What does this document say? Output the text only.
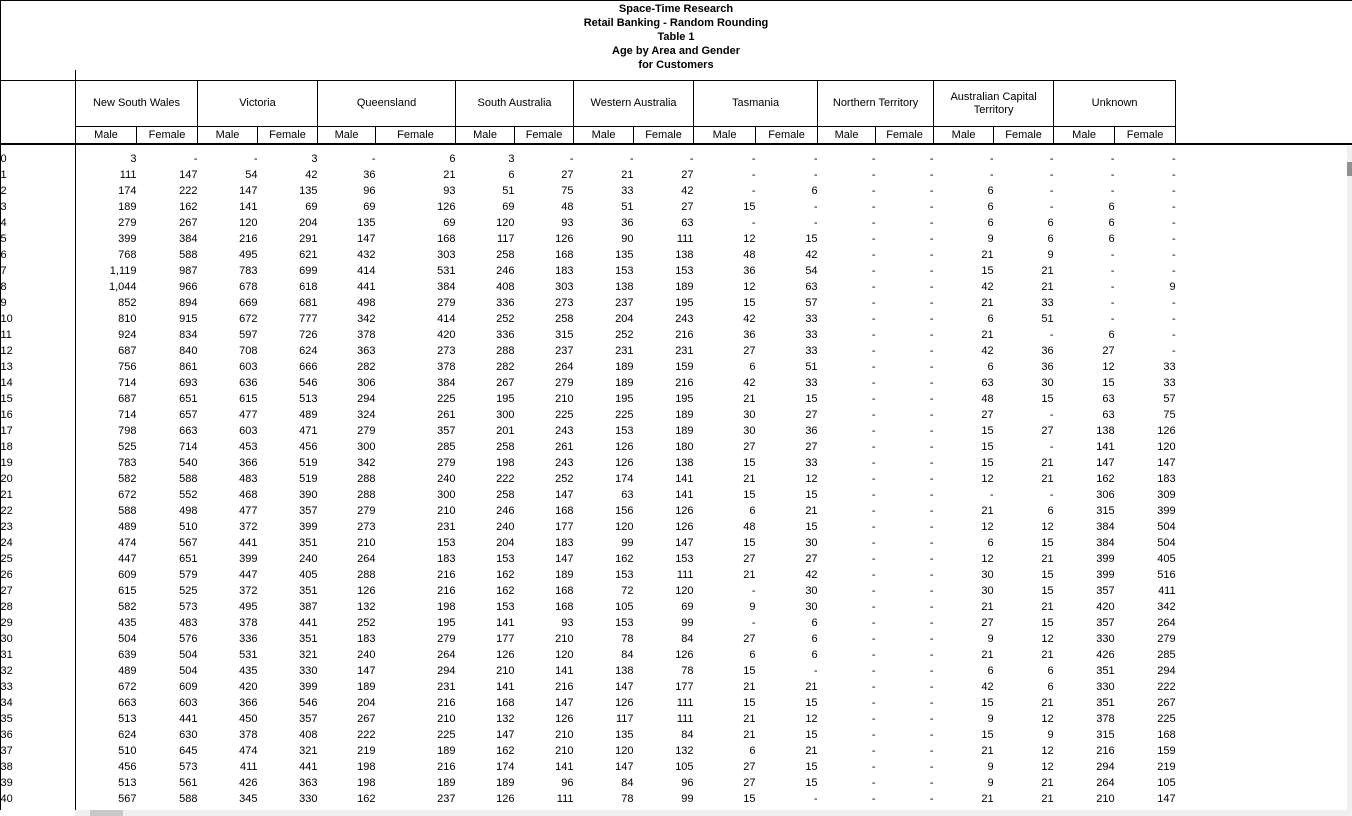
Space-Time Research
Retail Banking - Random Rounding
Table 1
Age by Area and Gender
for Customers
	New South Wales		Victoria		Queensland		South Australia		Western Australia		Tasmania		Northern Territory		Australian Capital Territory		Unknown	
	Male	Female	Male	Female	Male	Female	Male	Female	Male	Female	Male	Female	Male	Female	Male	Female	Male	Female

0	3	-	-	3	-	6	3	-	-	-	-	-	-	-	-	-	-	-
1	111	147	54	42	36	21	6	27	21	27	-	-	-	-	-	-	-	-
2	174	222	147	135	96	93	51	75	33	42	-	6	-	-	6	-	-	-
3	189	162	141	69	69	126	69	48	51	27	15	-	-	-	6	-	6	-
4	279	267	120	204	135	69	120	93	36	63	-	-	-	-	6	6	6	-
5	399	384	216	291	147	168	117	126	90	111	12	15	-	-	9	6	6	-
6	768	588	495	621	432	303	258	168	135	138	48	42	-	-	21	9	-	-
7	1,119	987	783	699	414	531	246	183	153	153	36	54	-	-	15	21	-	-
8	1,044	966	678	618	441	384	408	303	138	189	12	63	-	-	42	21	-	9
9	852	894	669	681	498	279	336	273	237	195	15	57	-	-	21	33	-	-
10	810	915	672	777	342	414	252	258	204	243	42	33	-	-	6	51	-	-
11	924	834	597	726	378	420	336	315	252	216	36	33	-	-	21	-	6	-
12	687	840	708	624	363	273	288	237	231	231	27	33	-	-	42	36	27	-
13	756	861	603	666	282	378	282	264	189	159	6	51	-	-	6	36	12	33
14	714	693	636	546	306	384	267	279	189	216	42	33	-	-	63	30	15	33
15	687	651	615	513	294	225	195	210	195	195	21	15	-	-	48	15	63	57
16	714	657	477	489	324	261	300	225	225	189	30	27	-	-	27	-	63	75
17	798	663	603	471	279	357	201	243	153	189	30	36	-	-	15	27	138	126
18	525	714	453	456	300	285	258	261	126	180	27	27	-	-	15	-	141	120
19	783	540	366	519	342	279	198	243	126	138	15	33	-	-	15	21	147	147
20	582	588	483	519	288	240	222	252	174	141	21	12	-	-	12	21	162	183
21	672	552	468	390	288	300	258	147	63	141	15	15	-	-	-	-	306	309
22	588	498	477	357	279	210	246	168	156	126	6	21	-	-	21	6	315	399
23	489	510	372	399	273	231	240	177	120	126	48	15	-	-	12	12	384	504
24	474	567	441	351	210	153	204	183	99	147	15	30	-	-	6	15	384	504
25	447	651	399	240	264	183	153	147	162	153	27	27	-	-	12	21	399	405
26	609	579	447	405	288	216	162	189	153	111	21	42	-	-	30	15	399	516
27	615	525	372	351	126	216	162	168	72	120	-	30	-	-	30	15	357	411
28	582	573	495	387	132	198	153	168	105	69	9	30	-	-	21	21	420	342
29	435	483	378	441	252	195	141	93	153	99	-	6	-	-	27	15	357	264
30	504	576	336	351	183	279	177	210	78	84	27	6	-	-	9	12	330	279
31	639	504	531	321	240	264	126	120	84	126	6	6	-	-	21	21	426	285
32	489	504	435	330	147	294	210	141	138	78	15	-	-	-	6	6	351	294
33	672	609	420	399	189	231	141	216	147	177	21	21	-	-	42	6	330	222
34	663	603	366	546	204	216	168	147	126	111	15	15	-	-	15	21	351	267
35	513	441	450	357	267	210	132	126	117	111	21	12	-	-	9	12	378	225
36	624	630	378	408	222	225	147	210	135	84	21	15	-	-	15	9	315	168
37	510	645	474	321	219	189	162	210	120	132	6	21	-	-	21	12	216	159
38	456	573	411	441	198	216	174	141	147	105	27	15	-	-	9	12	294	219
39	513	561	426	363	198	189	189	96	84	96	27	15	-	-	9	21	264	105
40	567	588	345	330	162	237	126	111	78	99	15	-	-	-	21	21	210	147
